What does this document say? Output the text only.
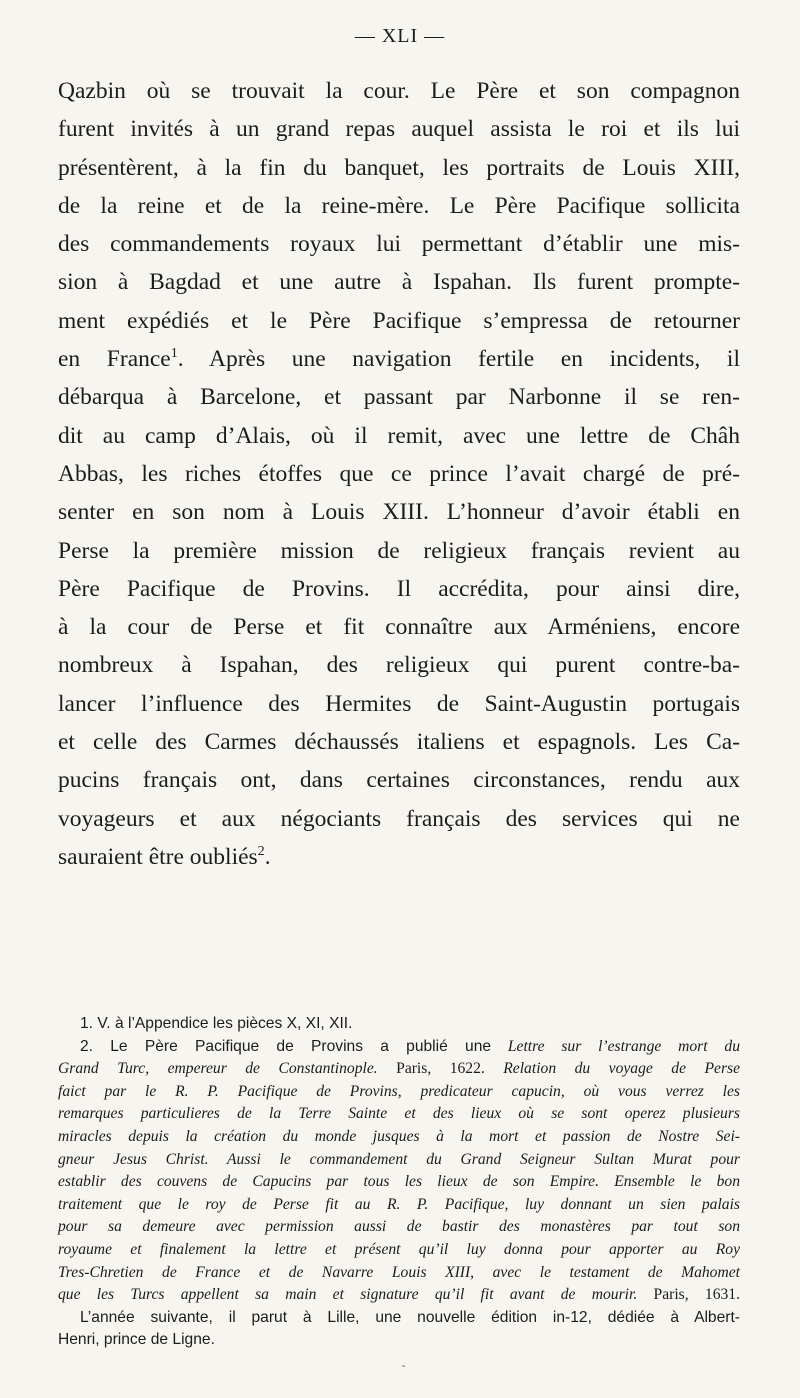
— XLI —
Qazbin où se trouvait la cour. Le Père et son compagnon
furent invités à un grand repas auquel assista le roi et ils lui
présentèrent, à la fin du banquet, les portraits de Louis XIII,
de la reine et de la reine-mère. Le Père Pacifique sollicita
des commandements royaux lui permettant d’établir une mis-
sion à Bagdad et une autre à Ispahan. Ils furent prompte-
ment expédiés et le Père Pacifique s’empressa de retourner
en France$^1$. Après une navigation fertile en incidents, il
débarqua à Barcelone, et passant par Narbonne il se ren-
dit au camp d’Alais, où il remit, avec une lettre de Châh
Abbas, les riches étoffes que ce prince l’avait chargé de pré-
senter en son nom à Louis XIII. L’honneur d’avoir établi en
Perse la première mission de religieux français revient au
Père Pacifique de Provins. Il accrédita, pour ainsi dire,
à la cour de Perse et fit connaître aux Arméniens, encore
nombreux à Ispahan, des religieux qui purent contre-ba-
lancer l’influence des Hermites de Saint-Augustin portugais
et celle des Carmes déchaussés italiens et espagnols. Les Ca-
pucins français ont, dans certaines circonstances, rendu aux
voyageurs et aux négociants français des services qui ne
sauraient être oubliés$^2$.
1. V. à l’Appendice les pièces X, XI, XII.
2. Le Père Pacifique de Provins a publié une Lettre sur l’estrange mort du
Grand Turc, empereur de Constantinople. Paris, 1622. Relation du voyage de Perse
faict par le R. P. Pacifique de Provins, predicateur capucin, où vous verrez les
remarques particulieres de la Terre Sainte et des lieux où se sont operez plusieurs
miracles depuis la création du monde jusques à la mort et passion de Nostre Sei-
gneur Jesus Christ. Aussi le commandement du Grand Seigneur Sultan Murat pour
establir des couvens de Capucins par tous les lieux de son Empire. Ensemble le bon
traitement que le roy de Perse fit au R. P. Pacifique, luy donnant un sien palais
pour sa demeure avec permission aussi de bastir des monastères par tout son
royaume et finalement la lettre et présent qu’il luy donna pour apporter au Roy
Tres-Chretien de France et de Navarre Louis XIII, avec le testament de Mahomet
que les Turcs appellent sa main et signature qu’il fit avant de mourir. Paris, 1631.
L’année suivante, il parut à Lille, une nouvelle édition in-12, dédiée à Albert-
Henri, prince de Ligne.
˜
